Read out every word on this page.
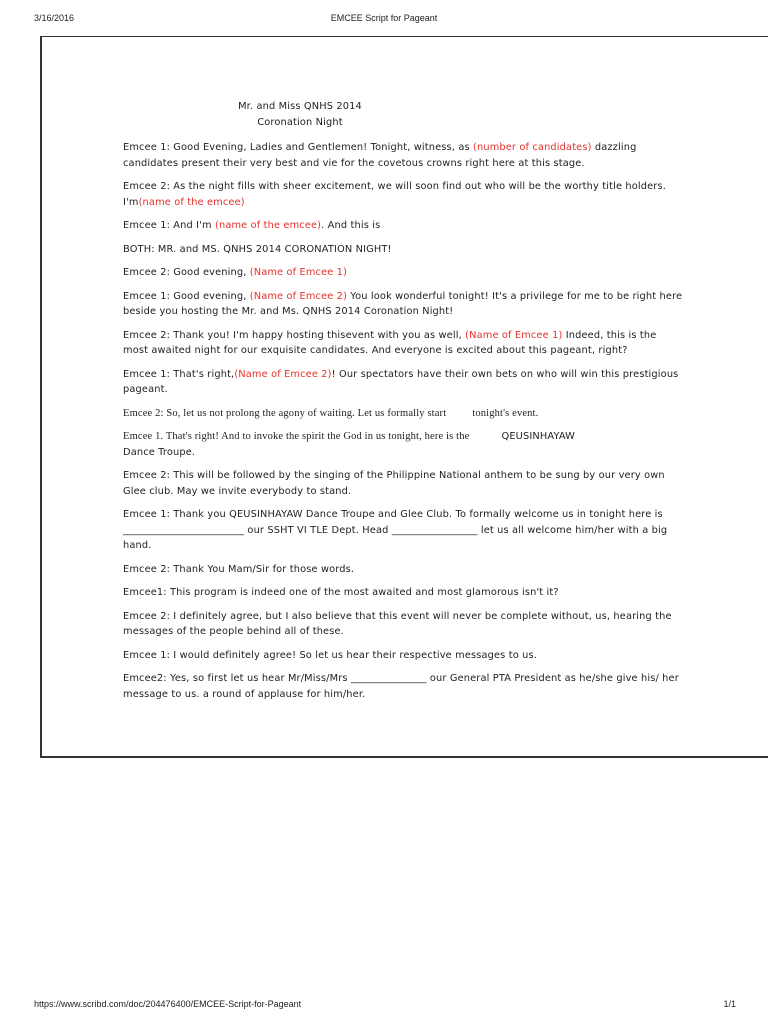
3/16/2016	EMCEE Script for Pageant

Mr. and Miss QNHS 2014

Coronation Night

Emcee 1: Good Evening, Ladies and Gentlemen! Tonight, witness, as (number of candidates) dazzling candidates present their very best and vie for the covetous crowns right here at this stage.

Emcee 2: As the night fills with sheer excitement, we will soon find out who will be the worthy title holders. I'm(name of the emcee)

Emcee 1: And I'm (name of the emcee). And this is

BOTH: MR. and MS. QNHS 2014 CORONATION NIGHT!

Emcee 2: Good evening, (Name of Emcee 1)

Emcee 1: Good evening, (Name of Emcee 2) You look wonderful tonight! It's a privilege for me to be right here beside you hosting the Mr. and Ms. QNHS 2014 Coronation Night!

Emcee 2: Thank you! I'm happy hosting thisevent with you as well, (Name of Emcee 1) Indeed, this is the most awaited night for our exquisite candidates. And everyone is excited about this pageant, right?

Emcee 1: That's right,(Name of Emcee 2)! Our spectators have their own bets on who will win this prestigious pageant.

Emcee 2: So, let us not prolong the agony of waiting. Let us formally start tonight's event.

Emcee 1. That's right! And to invoke the spirit the God in us tonight, here is the	QEUSINHAYAW
Dance Troupe.

Emcee 2: This will be followed by the singing of the Philippine National anthem to be sung by our very own Glee club. May we invite everybody to stand.

Emcee 1: Thank you QEUSINHAYAW Dance Troupe and Glee Club. To formally welcome us in tonight here is ________________________ our SSHT VI TLE Dept. Head _________________ let us all welcome him/her with a big hand.

Emcee 2: Thank You Mam/Sir for those words.

Emcee1: This program is indeed one of the most awaited and most glamorous isn't it?

Emcee 2: I definitely agree, but I also believe that this event will never be complete without, us, hearing the messages of the people behind all of these.

Emcee 1: I would definitely agree! So let us hear their respective messages to us.

Emcee2: Yes, so first let us hear Mr/Miss/Mrs _______________ our General PTA President as he/she give his/ her message to us. a round of applause for him/her.

https://www.scribd.com/doc/204476400/EMCEE-Script-for-Pageant	1/1
